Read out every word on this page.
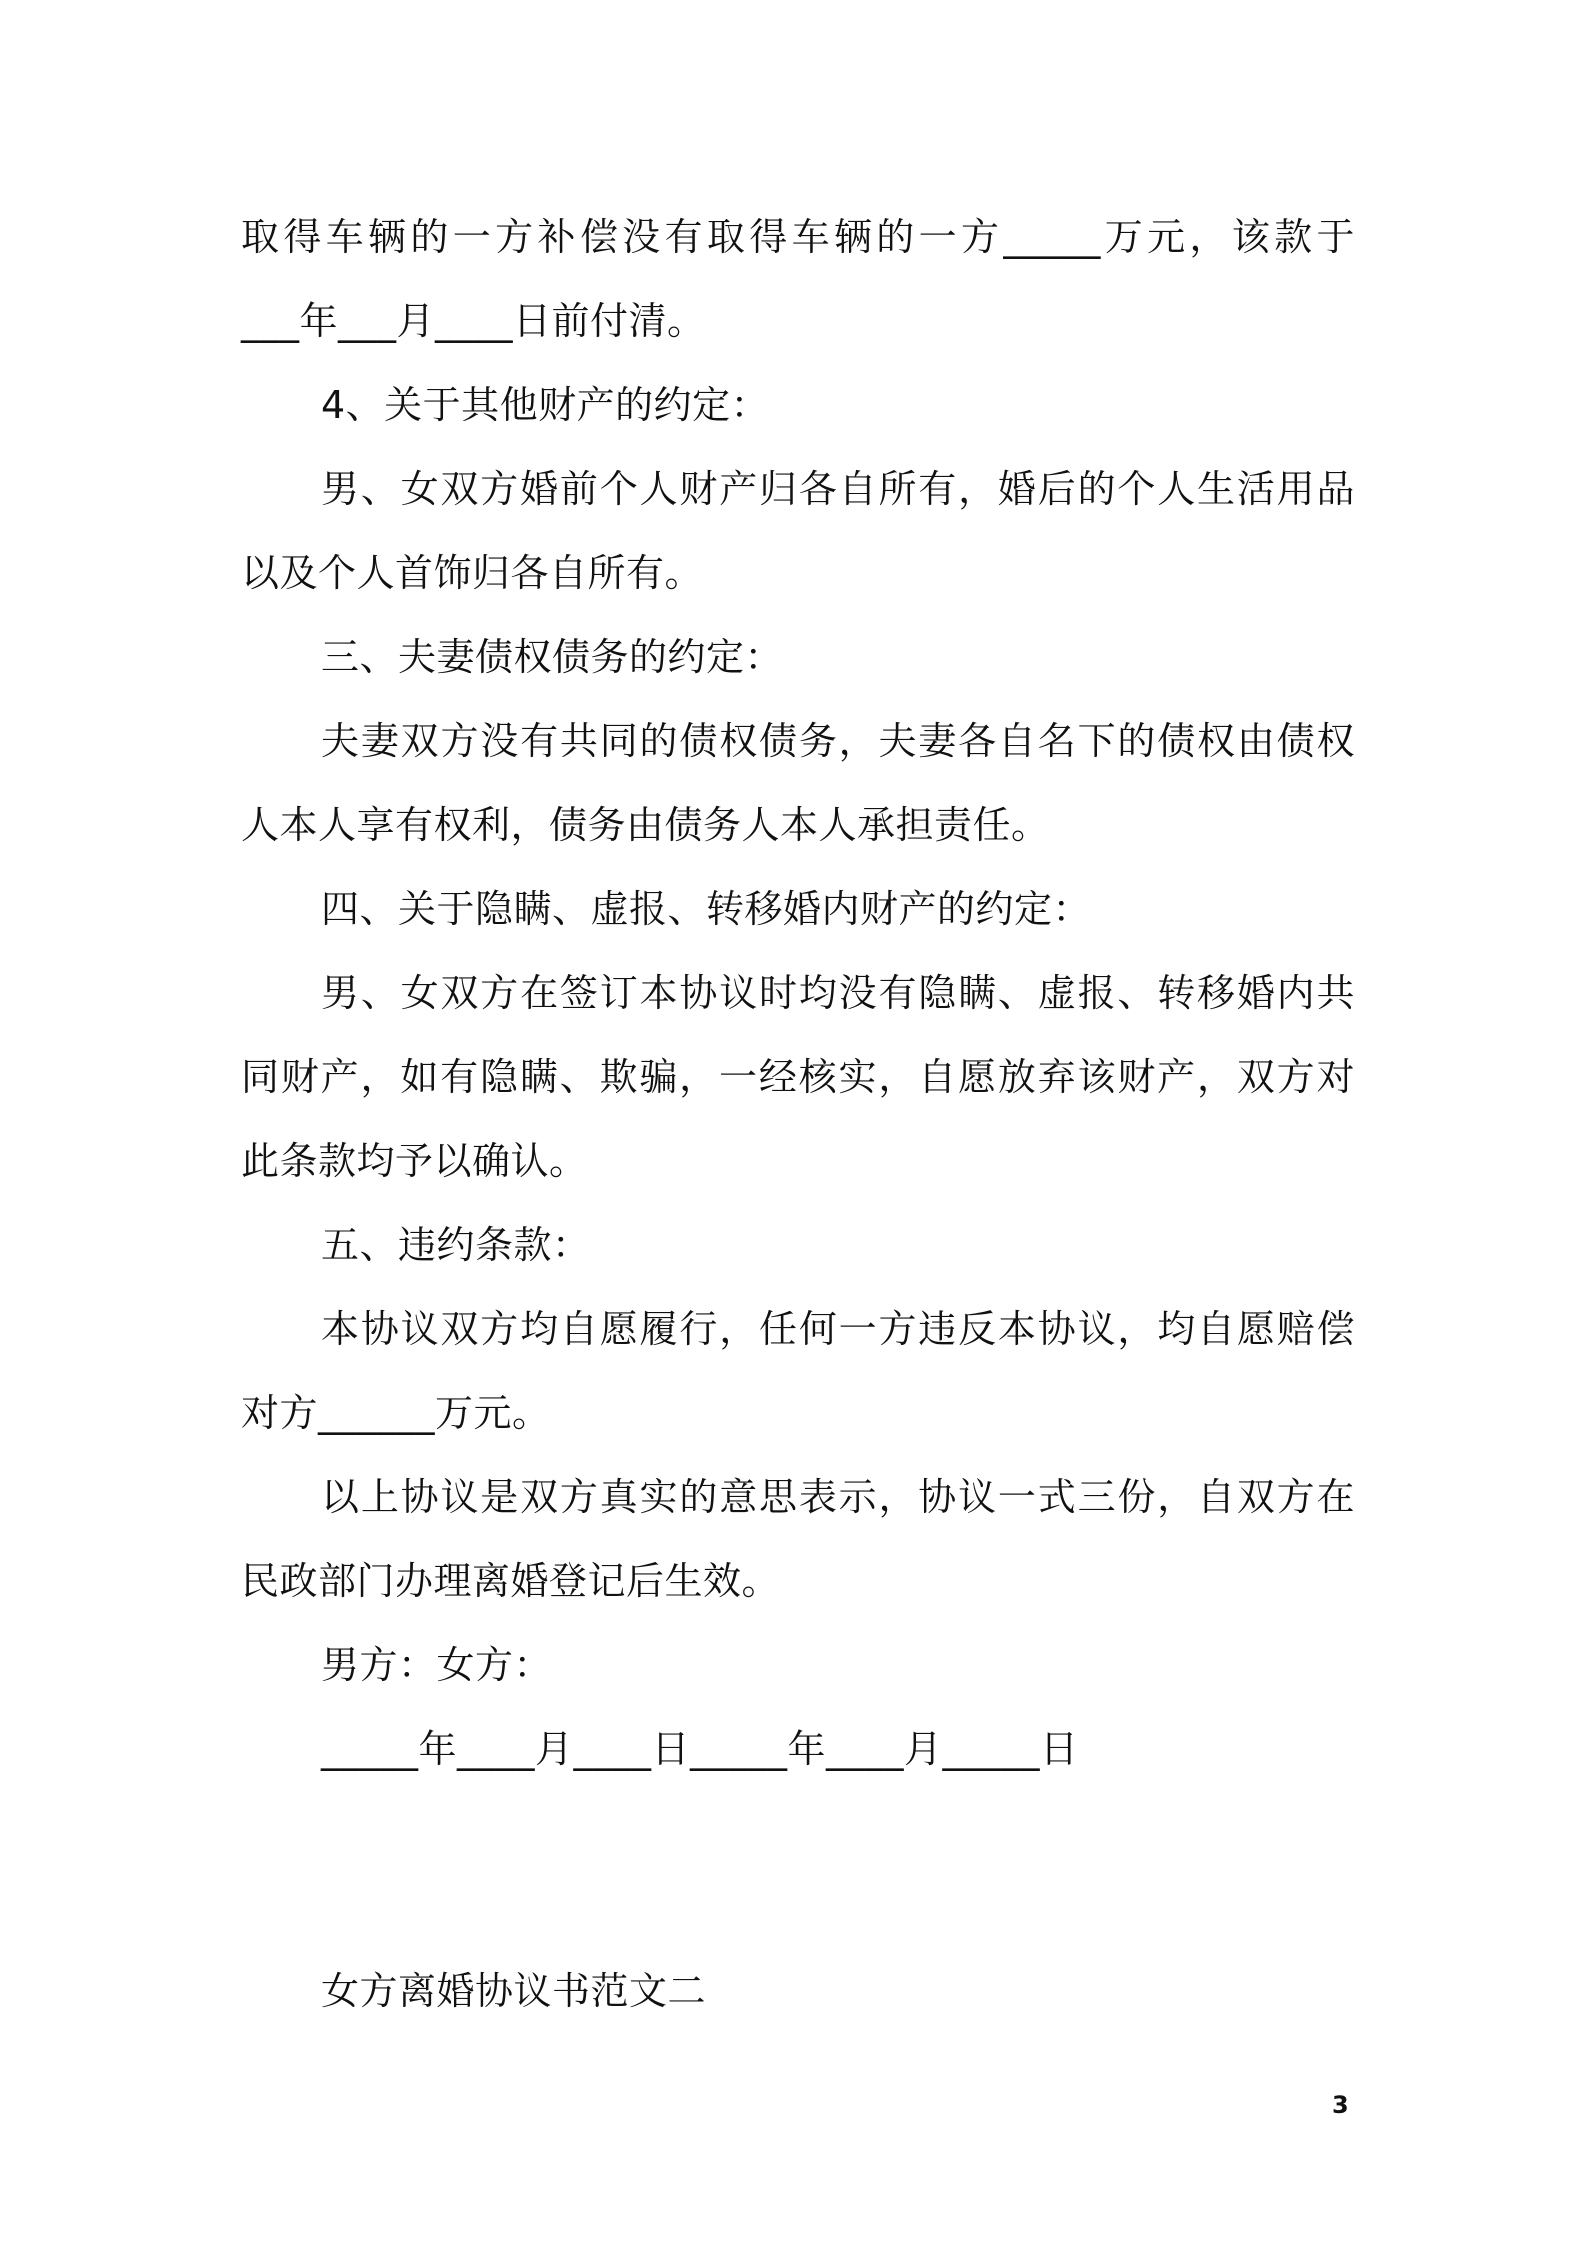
取得车辆的一方补偿没有取得车辆的一方_____万元，该款于
___年___月____日前付清。
4、关于其他财产的约定：
男、女双方婚前个人财产归各自所有，婚后的个人生活用品
以及个人首饰归各自所有。
三、夫妻债权债务的约定：
夫妻双方没有共同的债权债务，夫妻各自名下的债权由债权
人本人享有权利，债务由债务人本人承担责任。
四、关于隐瞒、虚报、转移婚内财产的约定：
男、女双方在签订本协议时均没有隐瞒、虚报、转移婚内共
同财产，如有隐瞒、欺骗，一经核实，自愿放弃该财产，双方对
此条款均予以确认。
五、违约条款：
本协议双方均自愿履行，任何一方违反本协议，均自愿赔偿
对方______万元。
以上协议是双方真实的意思表示，协议一式三份，自双方在
民政部门办理离婚登记后生效。
男方：女方：
_____年____月____日_____年____月_____日
女方离婚协议书范文二
3
